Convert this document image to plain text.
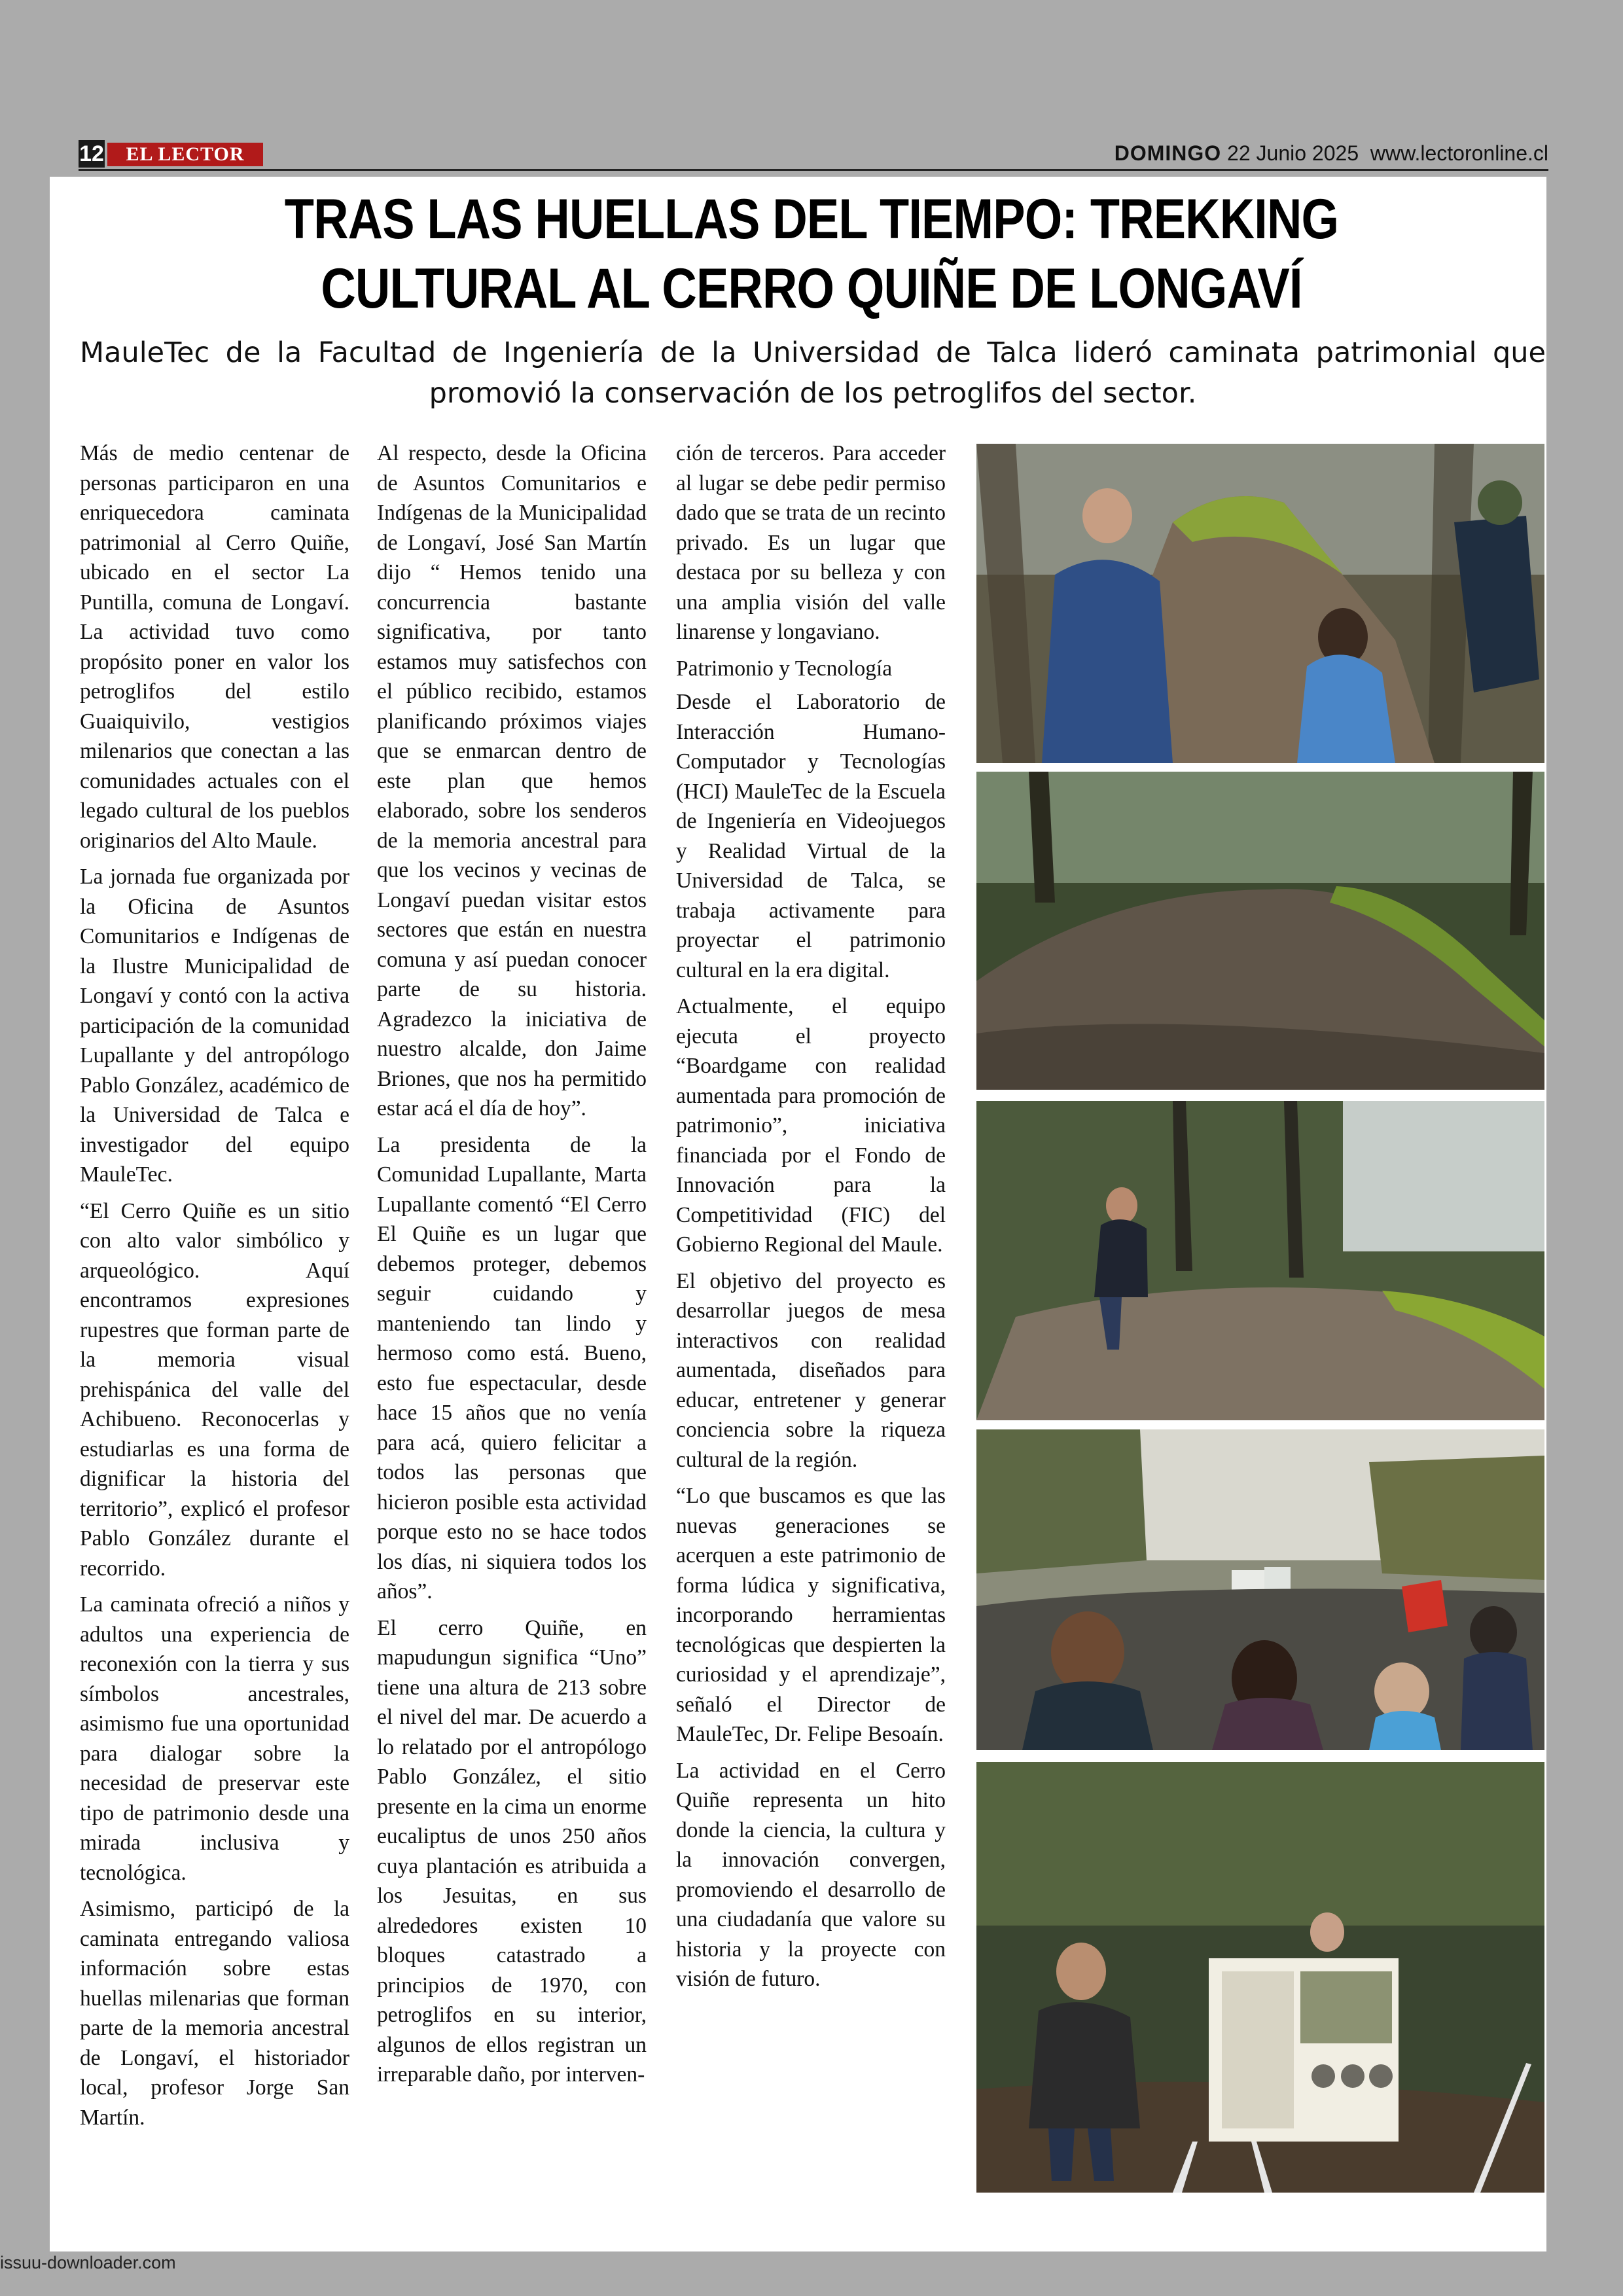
12	EL LECTOR	DOMINGO 22 Junio 2025 www.lectoronline.cl
TRAS LAS HUELLAS DEL TIEMPO: TREKKING CULTURAL AL CERRO QUIÑE DE LONGAVÍ
MauleTec de la Facultad de Ingeniería de la Universidad de Talca lideró caminata patrimonial que promovió la conservación de los petroglifos del sector.

Más de medio centenar de personas participaron en una enriquecedora caminata patrimonial al Cerro Quiñe, ubicado en el sector La Puntilla, comuna de Longaví. La actividad tuvo como propósito poner en valor los petroglifos del estilo Guaiquivilo, vestigios milenarios que conectan a las comunidades actuales con el legado cultural de los pueblos originarios del Alto Maule.

La jornada fue organizada por la Oficina de Asuntos Comunitarios e Indígenas de la Ilustre Municipalidad de Longaví y contó con la activa participación de la comunidad Lupallante y del antropólogo Pablo González, académico de la Universidad de Talca e investigador del equipo MauleTec.

“El Cerro Quiñe es un sitio con alto valor simbólico y arqueológico. Aquí encontramos expresiones rupestres que forman parte de la memoria visual prehispánica del valle del Achibueno. Reconocerlas y estudiarlas es una forma de dignificar la historia del territorio”, explicó el profesor Pablo González durante el recorrido.

La caminata ofreció a niños y adultos una experiencia de reconexión con la tierra y sus símbolos ancestrales, asimismo fue una oportunidad para dialogar sobre la necesidad de preservar este tipo de patrimonio desde una mirada inclusiva y tecnológica.

Asimismo, participó de la caminata entregando valiosa información sobre estas huellas milenarias que forman parte de la memoria ancestral de Longaví, el historiador local, profesor Jorge San Martín.

Al respecto, desde la Oficina de Asuntos Comunitarios e Indígenas de la Municipalidad de Longaví, José San Martín dijo “ Hemos tenido una concurrencia bastante significativa, por tanto estamos muy satisfechos con el público recibido, estamos planificando próximos viajes que se enmarcan dentro de este plan que hemos elaborado, sobre los senderos de la memoria ancestral para que los vecinos y vecinas de Longaví puedan visitar estos sectores que están en nuestra comuna y así puedan conocer parte de su historia. Agradezco la iniciativa de nuestro alcalde, don Jaime Briones, que nos ha permitido estar acá el día de hoy”.

La presidenta de la Comunidad Lupallante, Marta Lupallante comentó “El Cerro El Quiñe es un lugar que debemos proteger, debemos seguir cuidando y manteniendo tan lindo y hermoso como está. Bueno, esto fue espectacular, desde hace 15 años que no venía para acá, quiero felicitar a todos las personas que hicieron posible esta actividad porque esto no se hace todos los días, ni siquiera todos los años”.

El cerro Quiñe, en mapudungun significa “Uno” tiene una altura de 213 sobre el nivel del mar. De acuerdo a lo relatado por el antropólogo Pablo González, el sitio presente en la cima un enorme eucaliptus de unos 250 años cuya plantación es atribuida a los Jesuitas, en sus alrededores existen 10 bloques catastrado a principios de 1970, con petroglifos en su interior, algunos de ellos registran un irreparable daño, por interven-

ción de terceros. Para acceder al lugar se debe pedir permiso dado que se trata de un recinto privado. Es un lugar que destaca por su belleza y con una amplia visión del valle linarense y longaviano.

Patrimonio y Tecnología

Desde el Laboratorio de Interacción Humano-Computador y Tecnologías (HCI) MauleTec de la Escuela de Ingeniería en Videojuegos y Realidad Virtual de la Universidad de Talca, se trabaja activamente para proyectar el patrimonio cultural en la era digital.

Actualmente, el equipo ejecuta el proyecto “Boardgame con realidad aumentada para promoción de patrimonio”, iniciativa financiada por el Fondo de Innovación para la Competitividad (FIC) del Gobierno Regional del Maule.

El objetivo del proyecto es desarrollar juegos de mesa interactivos con realidad aumentada, diseñados para educar, entretener y generar conciencia sobre la riqueza cultural de la región.

“Lo que buscamos es que las nuevas generaciones se acerquen a este patrimonio de forma lúdica y significativa, incorporando herramientas tecnológicas que despierten la curiosidad y el aprendizaje”, señaló el Director de MauleTec, Dr. Felipe Besoaín.

La actividad en el Cerro Quiñe representa un hito donde la ciencia, la cultura y la innovación convergen, promoviendo el desarrollo de una ciudadanía que valore su historia y la proyecte con visión de futuro.

issuu-downloader.com
